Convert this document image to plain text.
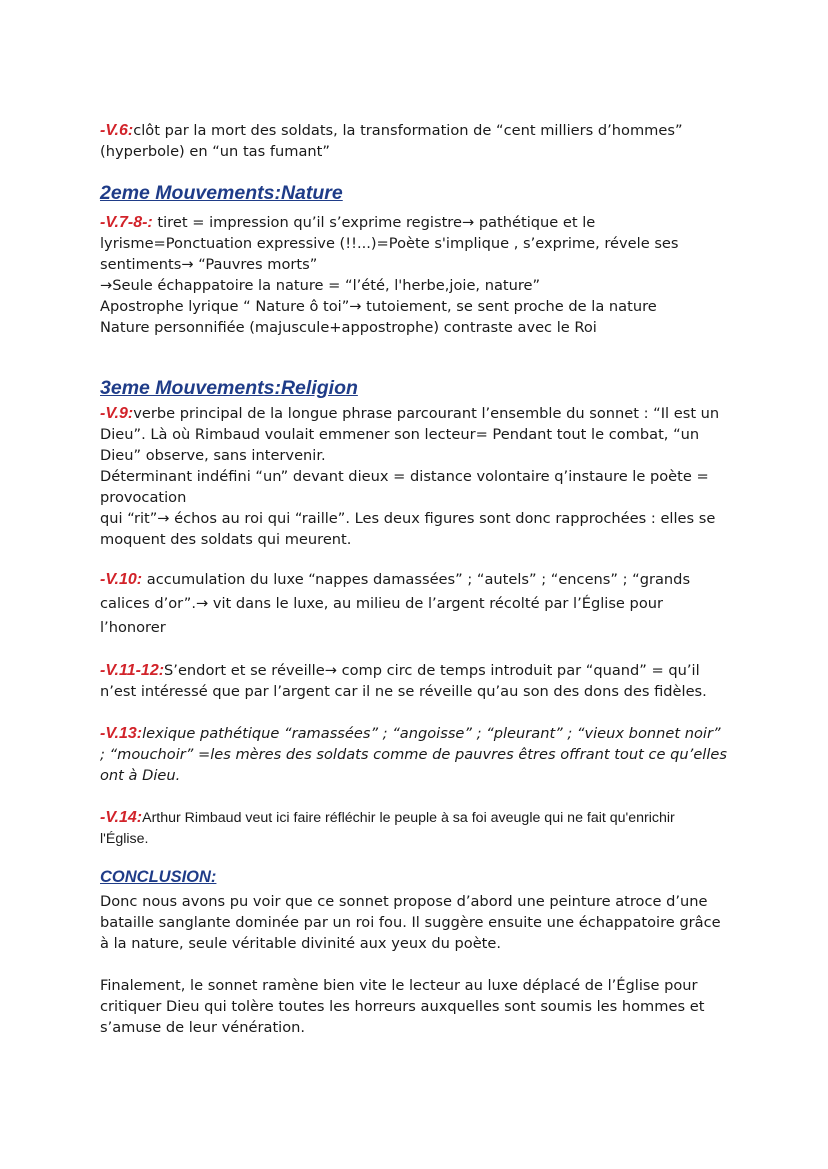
-V.6:clôt par la mort des soldats, la transformation de “cent milliers d’hommes”

(hyperbole) en “un tas fumant”

2eme Mouvements:Nature

-V.7-8-: tiret = impression qu’il s’exprime registre→ pathétique et le

lyrisme=Ponctuation expressive (!!...)=Poète s'implique , s’exprime, révele ses

sentiments→ “Pauvres morts”

→Seule échappatoire la nature = “l’été, l'herbe,joie, nature”

Apostrophe lyrique “ Nature ô toi”→ tutoiement, se sent proche de la nature

Nature personnifiée (majuscule+appostrophe) contraste avec le Roi

3eme Mouvements:Religion

-V.9:verbe principal de la longue phrase parcourant l’ensemble du sonnet : “Il est un

Dieu”. Là où Rimbaud voulait emmener son lecteur= Pendant tout le combat, “un

Dieu” observe, sans intervenir.

Déterminant indéfini “un” devant dieux = distance volontaire q’instaure le poète =

provocation

qui “rit”→ échos au roi qui “raille”. Les deux figures sont donc rapprochées : elles se

moquent des soldats qui meurent.

-V.10: accumulation du luxe “nappes damassées” ; “autels” ; “encens” ; “grands

calices d’or”.→ vit dans le luxe, au milieu de l’argent récolté par l’Église pour

l’honorer

-V.11-12:S’endort et se réveille→ comp circ de temps introduit par “quand” = qu’il

n’est intéressé que par l’argent car il ne se réveille qu’au son des dons des fidèles.

-V.13:lexique pathétique “ramassées” ; “angoisse” ; “pleurant” ; “vieux bonnet noir”

; “mouchoir” =les mères des soldats comme de pauvres êtres offrant tout ce qu’elles

ont à Dieu.

-V.14:Arthur Rimbaud veut ici faire réfléchir le peuple à sa foi aveugle qui ne fait qu'enrichir

l'Église.

CONCLUSION:

Donc nous avons pu voir que ce sonnet propose d’abord une peinture atroce d’une

bataille sanglante dominée par un roi fou. Il suggère ensuite une échappatoire grâce

à la nature, seule véritable divinité aux yeux du poète.

Finalement, le sonnet ramène bien vite le lecteur au luxe déplacé de l’Église pour

critiquer Dieu qui tolère toutes les horreurs auxquelles sont soumis les hommes et

s’amuse de leur vénération.
